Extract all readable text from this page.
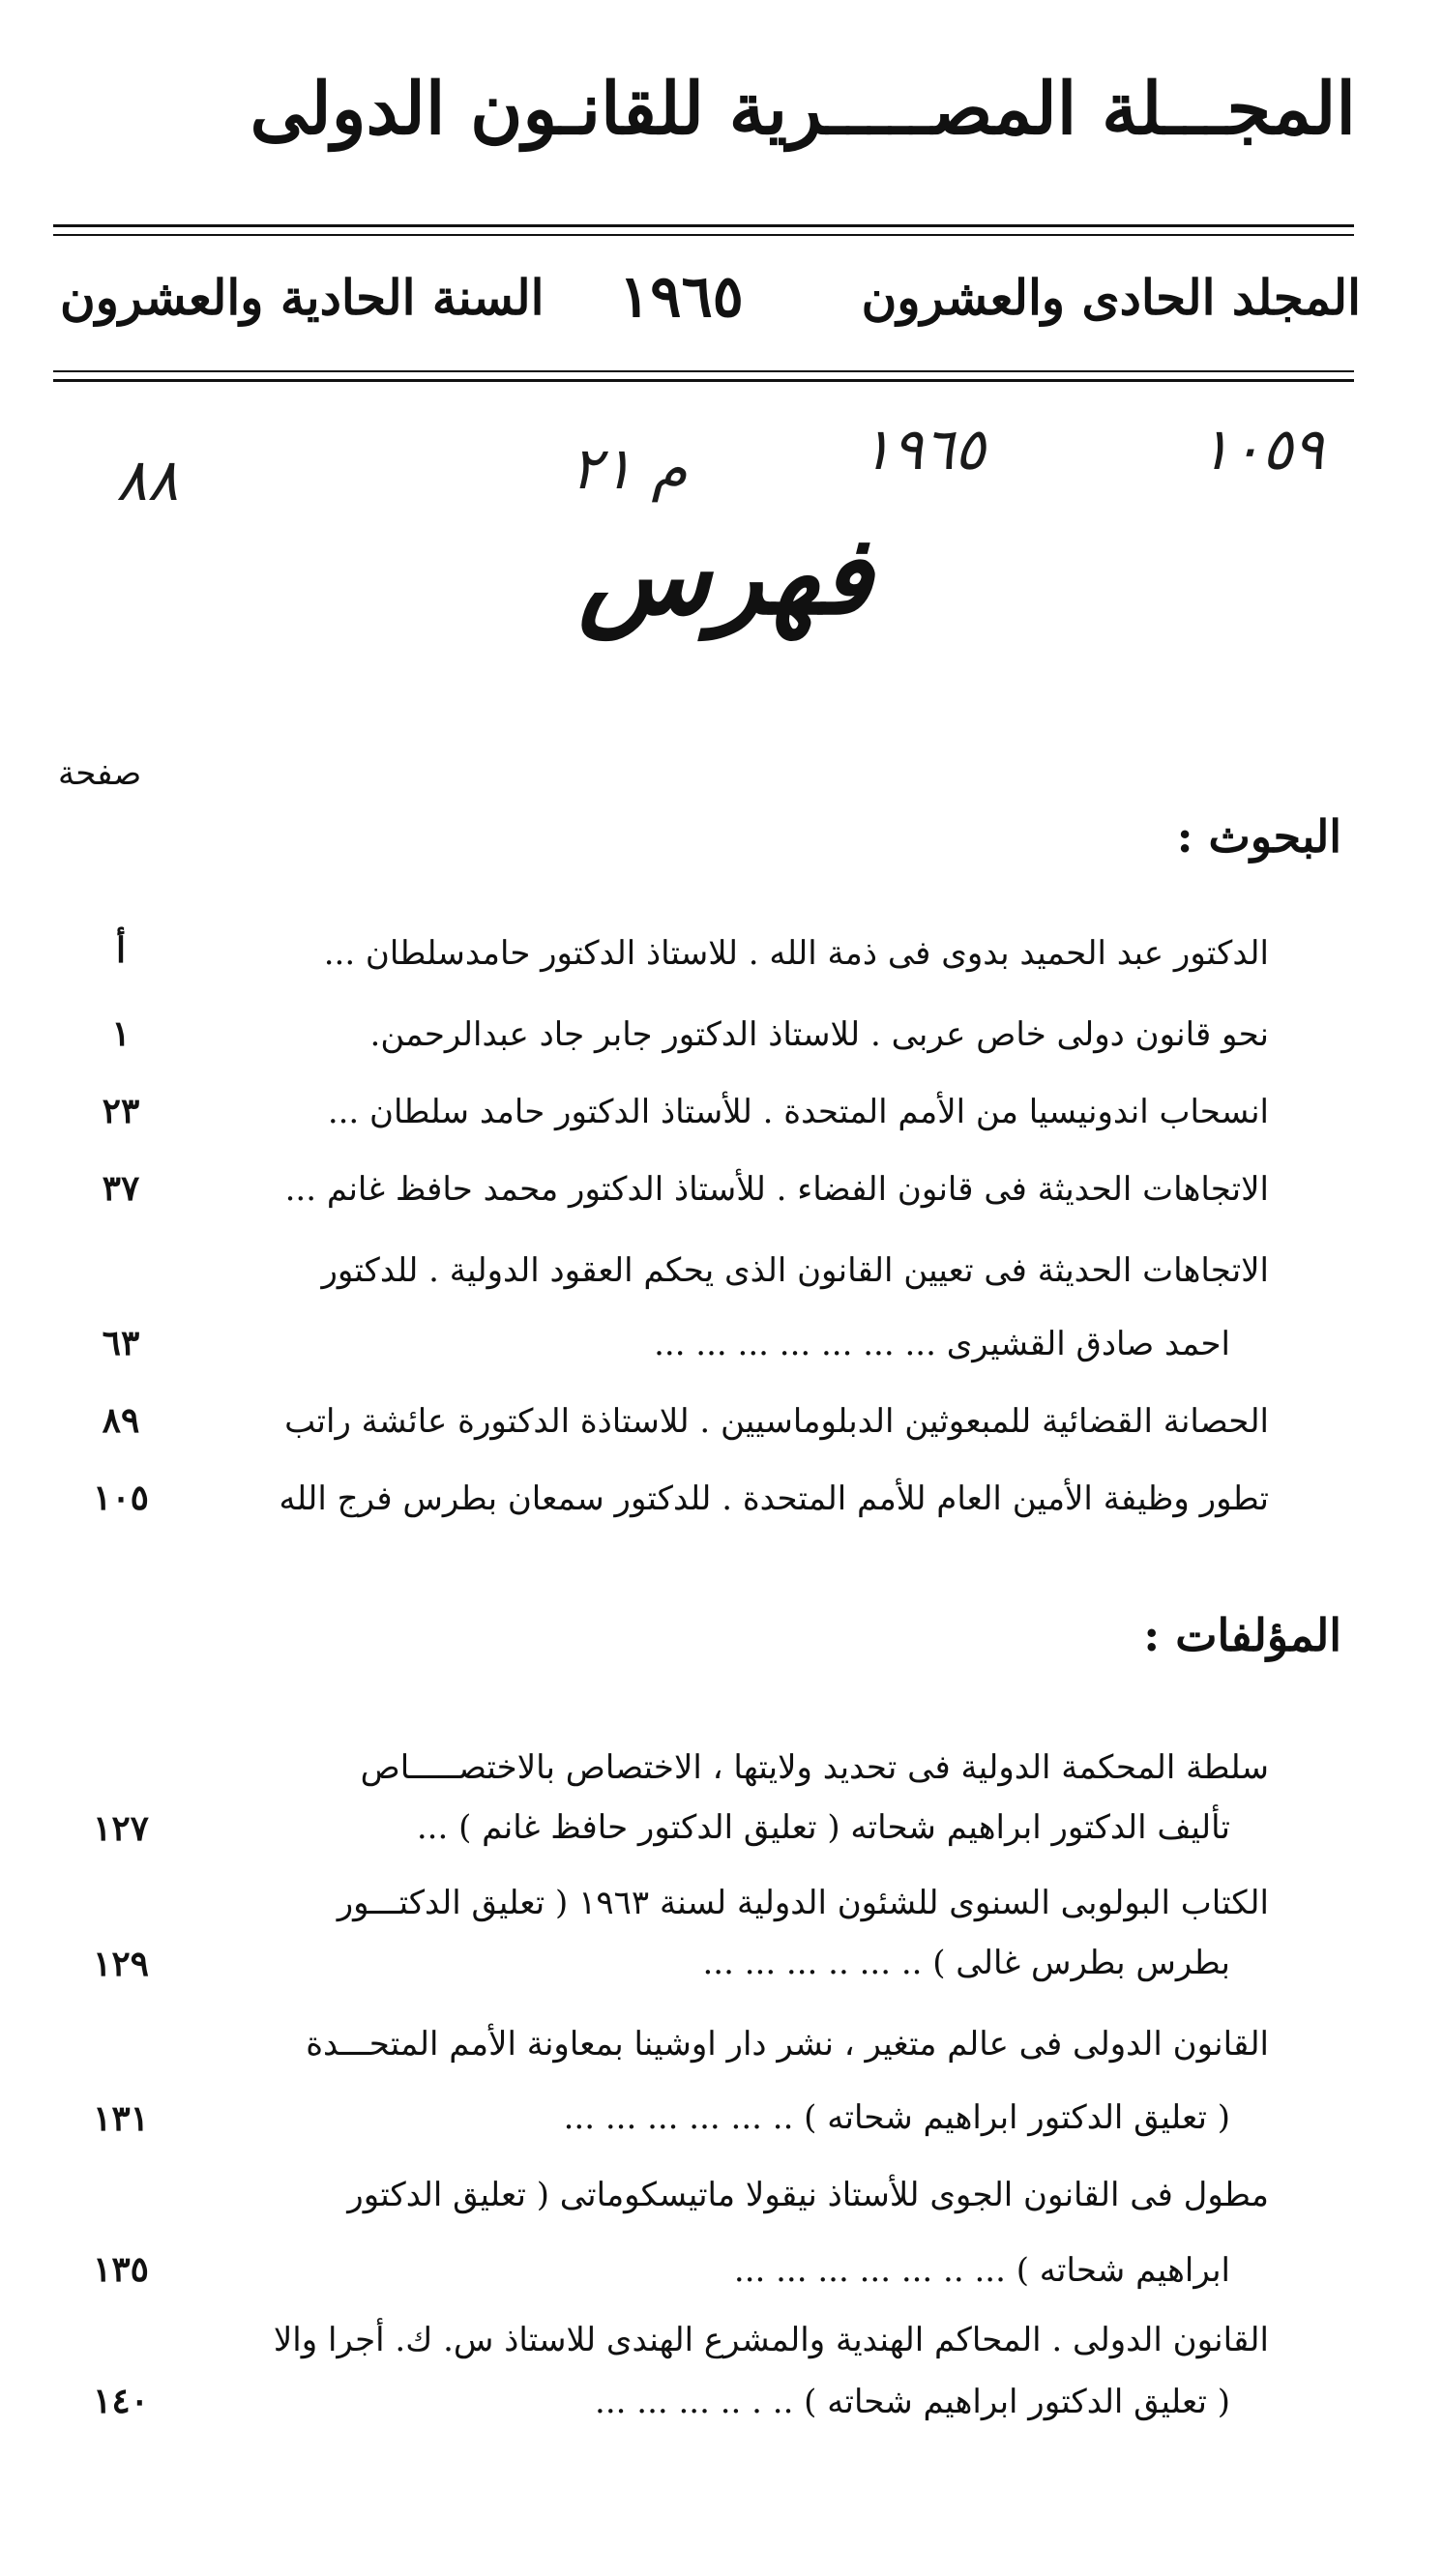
المجـــلة المصـــــرية للقانـون الدولى
المجلد الحادى والعشرون
١٩٦٥
السنة الحادية والعشرون
١٠٥٩
١٩٦٥
م ٢١
٨٨
فهرس
صفحة
البحوث :
الدكتور عبد الحميد بدوى فى ذمة الله . للاستاذ الدكتور حامدسلطان ...
أ
نحو قانون دولى خاص عربى . للاستاذ الدكتور جابر جاد عبدالرحمن.
١
انسحاب اندونيسيا من الأمم المتحدة . للأستاذ الدكتور حامد سلطان ...
٢٣
الاتجاهات الحديثة فى قانون الفضاء . للأستاذ الدكتور محمد حافظ غانم ...
٣٧
الاتجاهات الحديثة فى تعيين القانون الذى يحكم العقود الدولية . للدكتور
احمد صادق القشيرى ... ... ... ... ... ... ...
٦٣
الحصانة القضائية للمبعوثين الدبلوماسيين . للاستاذة الدكتورة عائشة راتب
٨٩
تطور وظيفة الأمين العام للأمم المتحدة . للدكتور سمعان بطرس فرج الله
١٠٥
المؤلفات :
سلطة المحكمة الدولية فى تحديد ولايتها ، الاختصاص بالاختصـــــاص
تأليف الدكتور ابراهيم شحاته ( تعليق الدكتور حافظ غانم ) ...
١٢٧
الكتاب البولوبى السنوى للشئون الدولية لسنة ١٩٦٣ ( تعليق الدكتـــور
بطرس بطرس غالى ) .. ... .. ... ... ...
١٢٩
القانون الدولى فى عالم متغير ، نشر دار اوشينا بمعاونة الأمم المتحـــدة
( تعليق الدكتور ابراهيم شحاته ) .. ... ... ... ... ...
١٣١
مطول فى القانون الجوى للأستاذ نيقولا ماتيسكوماتى ( تعليق الدكتور
ابراهيم شحاته ) ... .. ... ... ... ... ...
١٣٥
القانون الدولى . المحاكم الهندية والمشرع الهندى للاستاذ س. ك. أجرا والا
( تعليق الدكتور ابراهيم شحاته ) .. . .. ... ... ...
١٤٠
